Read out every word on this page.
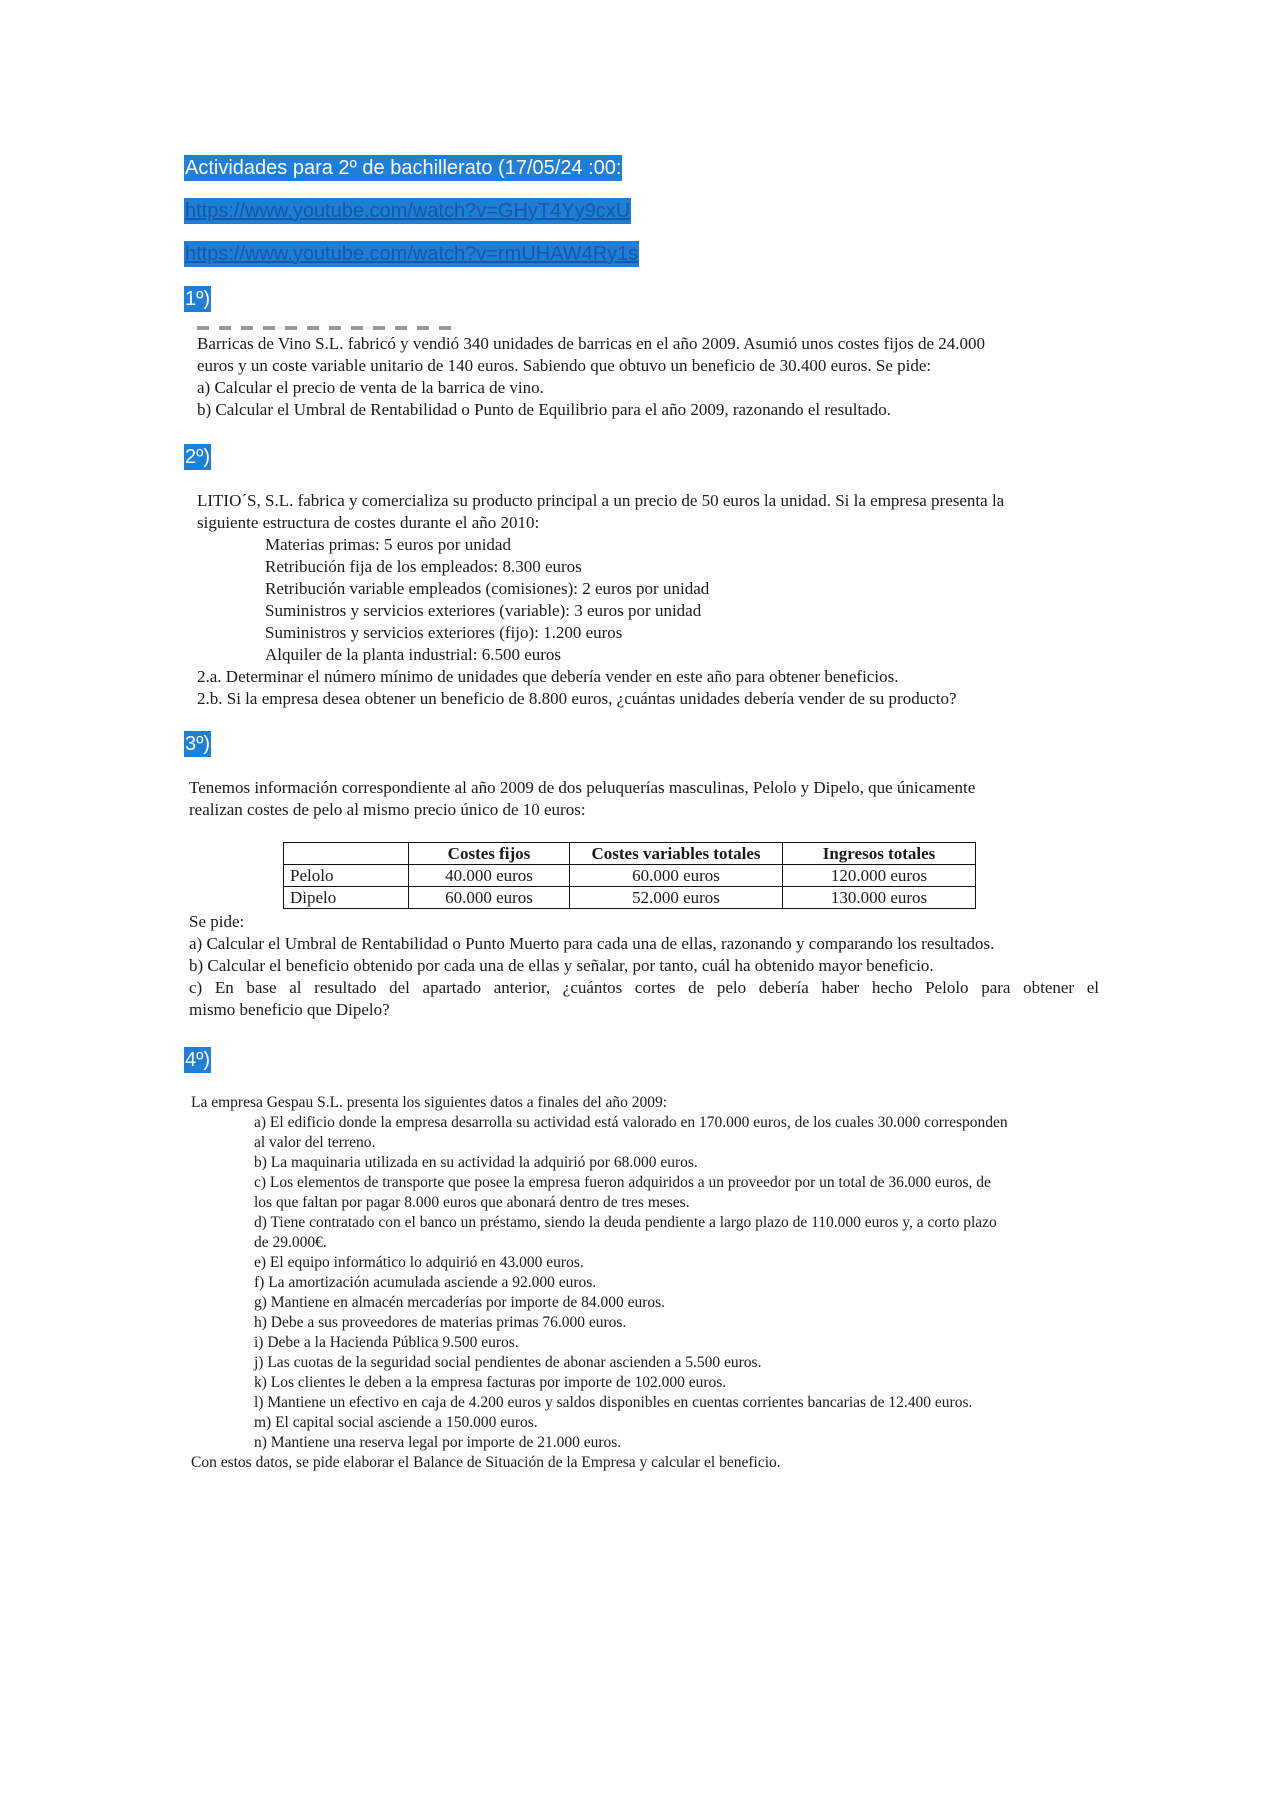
Actividades para 2º de bachillerato (17/05/24 :00:
https://www.youtube.com/watch?v=GHyT4Yy9cxU
https://www.youtube.com/watch?v=rmUHAW4Ry1s
1º)

Barricas de Vino S.L. fabricó y vendió 340 unidades de barricas en el año 2009. Asumió unos costes fijos de 24.000

euros y un coste variable unitario de 140 euros. Sabiendo que obtuvo un beneficio de 30.400 euros. Se pide:

a) Calcular el precio de venta de la barrica de vino.

b) Calcular el Umbral de Rentabilidad o Punto de Equilibrio para el año 2009, razonando el resultado.

2º)

LITIO´S, S.L. fabrica y comercializa su producto principal a un precio de 50 euros la unidad. Si la empresa presenta la

siguiente estructura de costes durante el año 2010:

Materias primas: 5 euros por unidad

Retribución fija de los empleados: 8.300 euros

Retribución variable empleados (comisiones): 2 euros por unidad

Suministros y servicios exteriores (variable): 3 euros por unidad

Suministros y servicios exteriores (fijo): 1.200 euros

Alquiler de la planta industrial: 6.500 euros

2.a. Determinar el número mínimo de unidades que debería vender en este año para obtener beneficios.

2.b. Si la empresa desea obtener un beneficio de 8.800 euros, ¿cuántas unidades debería vender de su producto?

3º)

Tenemos información correspondiente al año 2009 de dos peluquerías masculinas, Pelolo y Dipelo, que únicamente

realizan costes de pelo al mismo precio único de 10 euros:

	Costes fijos	Costes variables totales	Ingresos totales
Pelolo	40.000 euros	60.000 euros	120.000 euros
Dipelo	60.000 euros	52.000 euros	130.000 euros

Se pide:

a) Calcular el Umbral de Rentabilidad o Punto Muerto para cada una de ellas, razonando y comparando los resultados.

b) Calcular el beneficio obtenido por cada una de ellas y señalar, por tanto, cuál ha obtenido mayor beneficio.

c) En base al resultado del apartado anterior, ¿cuántos cortes de pelo debería haber hecho Pelolo para obtener el

mismo beneficio que Dipelo?

4º)

La empresa Gespau S.L. presenta los siguientes datos a finales del año 2009:

a) El edificio donde la empresa desarrolla su actividad está valorado en 170.000 euros, de los cuales 30.000 corresponden

al valor del terreno.

b) La maquinaria utilizada en su actividad la adquirió por 68.000 euros.

c) Los elementos de transporte que posee la empresa fueron adquiridos a un proveedor por un total de 36.000 euros, de

los que faltan por pagar 8.000 euros que abonará dentro de tres meses.

d) Tiene contratado con el banco un préstamo, siendo la deuda pendiente a largo plazo de 110.000 euros y, a corto plazo

de 29.000€.

e) El equipo informático lo adquirió en 43.000 euros.

f) La amortización acumulada asciende a 92.000 euros.

g) Mantiene en almacén mercaderías por importe de 84.000 euros.

h) Debe a sus proveedores de materias primas 76.000 euros.

i) Debe a la Hacienda Pública 9.500 euros.

j) Las cuotas de la seguridad social pendientes de abonar ascienden a 5.500 euros.

k) Los clientes le deben a la empresa facturas por importe de 102.000 euros.

l) Mantiene un efectivo en caja de 4.200 euros y saldos disponibles en cuentas corrientes bancarias de 12.400 euros.

m) El capital social asciende a 150.000 euros.

n) Mantiene una reserva legal por importe de 21.000 euros.

Con estos datos, se pide elaborar el Balance de Situación de la Empresa y calcular el beneficio.
